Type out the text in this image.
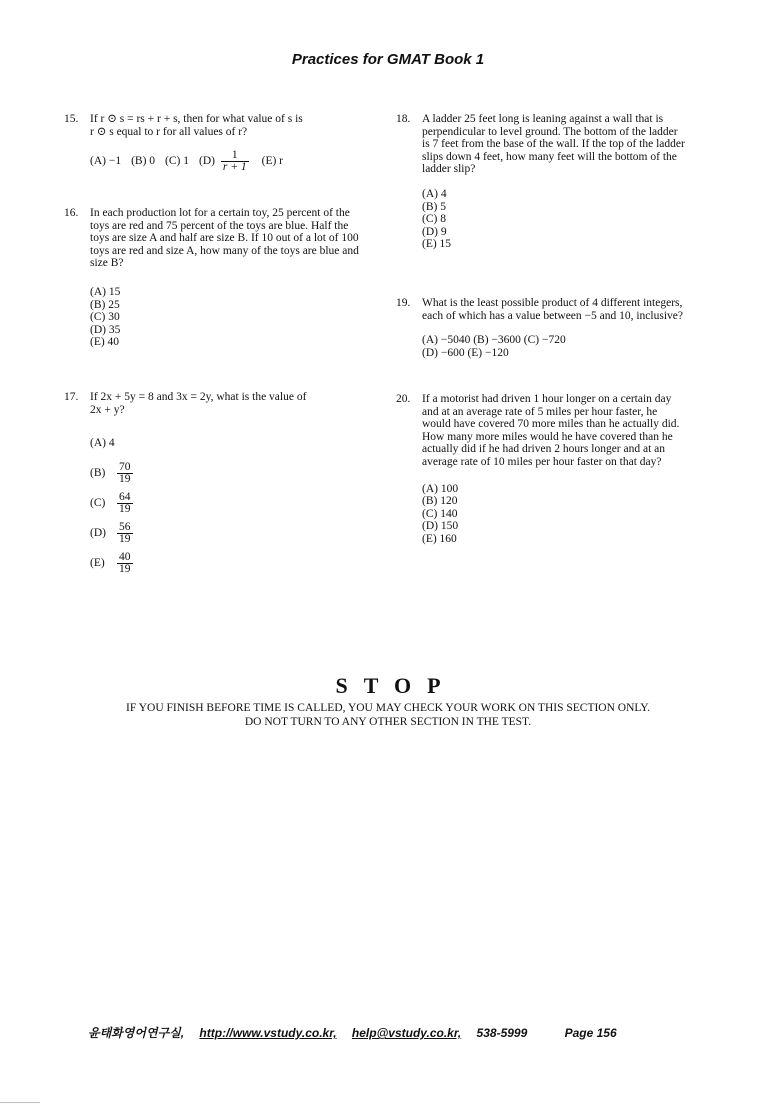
Practices for GMAT Book 1
15.	If r ⊙ s = rs + r + s, then for what value of s is
r ⊙ s equal to r for all values of r?
(A) −1 (B) 0 (C) 1 $(D) \frac{1}{r + 1} (E)$ r
16.	In each production lot for a certain toy, 25 percent of the toys are red and 75 percent of the toys are blue. Half the toys are size A and half are size B. If 10 out of a lot of 100 toys are red and size A, how many of the toys are blue and size B?
(A) 15
(B) 25
(C) 30
(D) 35
(E) 40
17.	If 2x + 5y = 8 and 3x = 2y, what is the value of
2x + y?
(A) 4
(B)	$\frac{70}{19}$
(C)	$\frac{64}{19}$
$(D) \frac{56}{19}$
(E)	$\frac{40}{19}$
18.	A ladder 25 feet long is leaning against a wall that is perpendicular to level ground. The bottom of the ladder is 7 feet from the base of the wall. If the top of the ladder slips down 4 feet, how many feet will the bottom of the ladder slip?
(A) 4
(B) 5
(C) 8
(D) 9
(E) 15
19.	What is the least possible product of 4 different integers, each of which has a value between −5 and 10, inclusive?
(A) −5040 (B) −3600 (C) −720
(D) −600 (E) −120
20.	If a motorist had driven 1 hour longer on a certain day and at an average rate of 5 miles per hour faster, he would have covered 70 more miles than he actually did. How many more miles would he have covered than he actually did if he had driven 2 hours longer and at an average rate of 10 miles per hour faster on that day?
(A) 100
(B) 120
(C) 140
(D) 150
(E) 160
STOP
IF YOU FINISH BEFORE TIME IS CALLED, YOU MAY CHECK YOUR WORK ON THIS SECTION ONLY.
DO NOT TURN TO ANY OTHER SECTION IN THE TEST.
윤태화영어연구실, http://www.vstudy.co.kr, help@vstudy.co.kr, 538-5999	Page 156
